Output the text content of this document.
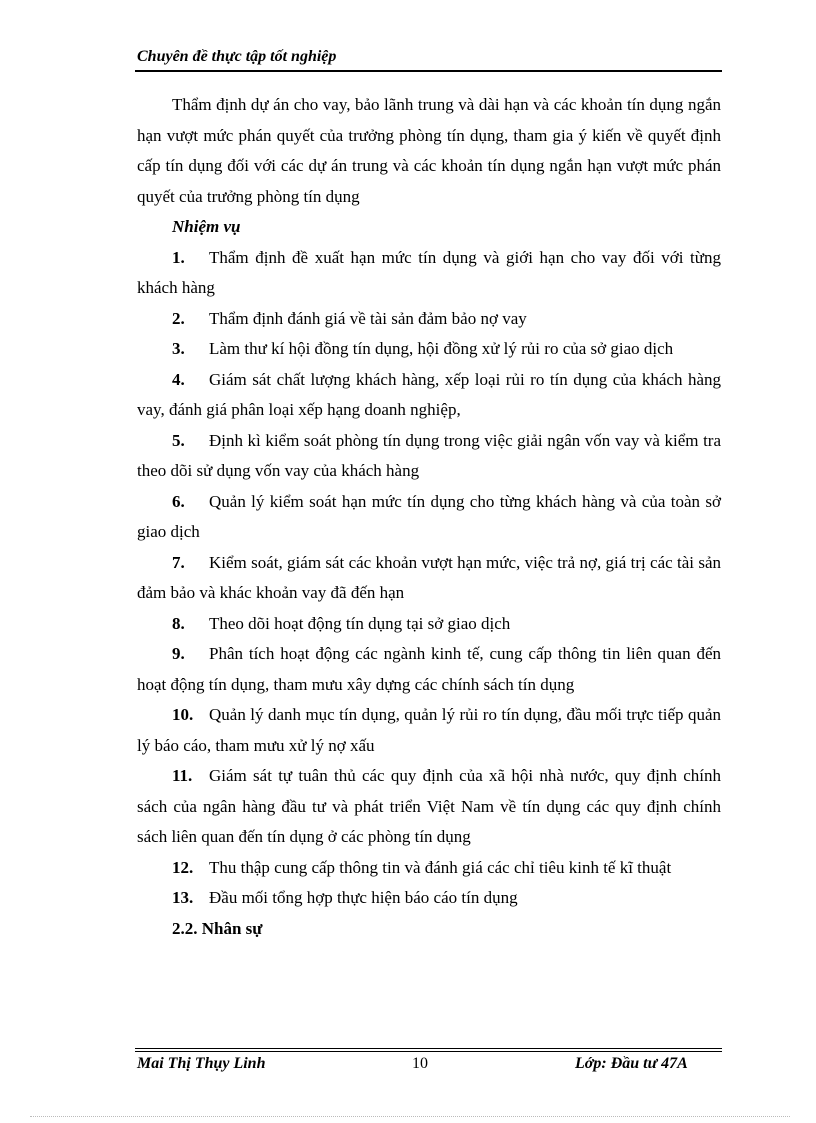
Chuyên đề thực tập tốt nghiệp

Thẩm định dự án cho vay, bảo lãnh trung và dài hạn và các khoản tín dụng ngắn hạn vượt mức phán quyết của trưởng phòng tín dụng, tham gia ý kiến về quyết định cấp tín dụng đối với các dự án trung và các khoản tín dụng ngắn hạn vượt mức phán quyết của trưởng phòng tín dụng

Nhiệm vụ

1. Thẩm định đề xuất hạn mức tín dụng và giới hạn cho vay đối với từng khách hàng

2. Thẩm định đánh giá về tài sản đảm bảo nợ vay

3. Làm thư kí hội đồng tín dụng, hội đồng xử lý rủi ro của sở giao dịch

4. Giám sát chất lượng khách hàng, xếp loại rủi ro tín dụng của khách hàng vay, đánh giá phân loại xếp hạng doanh nghiệp,

5. Định kì kiểm soát phòng tín dụng trong việc giải ngân vốn vay và kiểm tra theo dõi sử dụng vốn vay của khách hàng

6. Quản lý kiểm soát hạn mức tín dụng cho từng khách hàng và của toàn sở giao dịch

7. Kiểm soát, giám sát các khoản vượt hạn mức, việc trả nợ, giá trị các tài sản đảm bảo và khác khoản vay đã đến hạn

8. Theo dõi hoạt động tín dụng tại sở giao dịch

9. Phân tích hoạt động các ngành kinh tế, cung cấp thông tin liên quan đến hoạt động tín dụng, tham mưu xây dựng các chính sách tín dụng

10. Quản lý danh mục tín dụng, quản lý rủi ro tín dụng, đầu mối trực tiếp quản lý báo cáo, tham mưu xử lý nợ xấu

11. Giám sát tự tuân thủ các quy định của xã hội nhà nước, quy định chính sách của ngân hàng đầu tư và phát triển Việt Nam về tín dụng các quy định chính sách liên quan đến tín dụng ở các phòng tín dụng

12. Thu thập cung cấp thông tin và đánh giá các chỉ tiêu kinh tế kĩ thuật

13. Đầu mối tổng hợp thực hiện báo cáo tín dụng

2.2. Nhân sự

Mai Thị Thụy Linh	10	Lớp: Đầu tư 47A
